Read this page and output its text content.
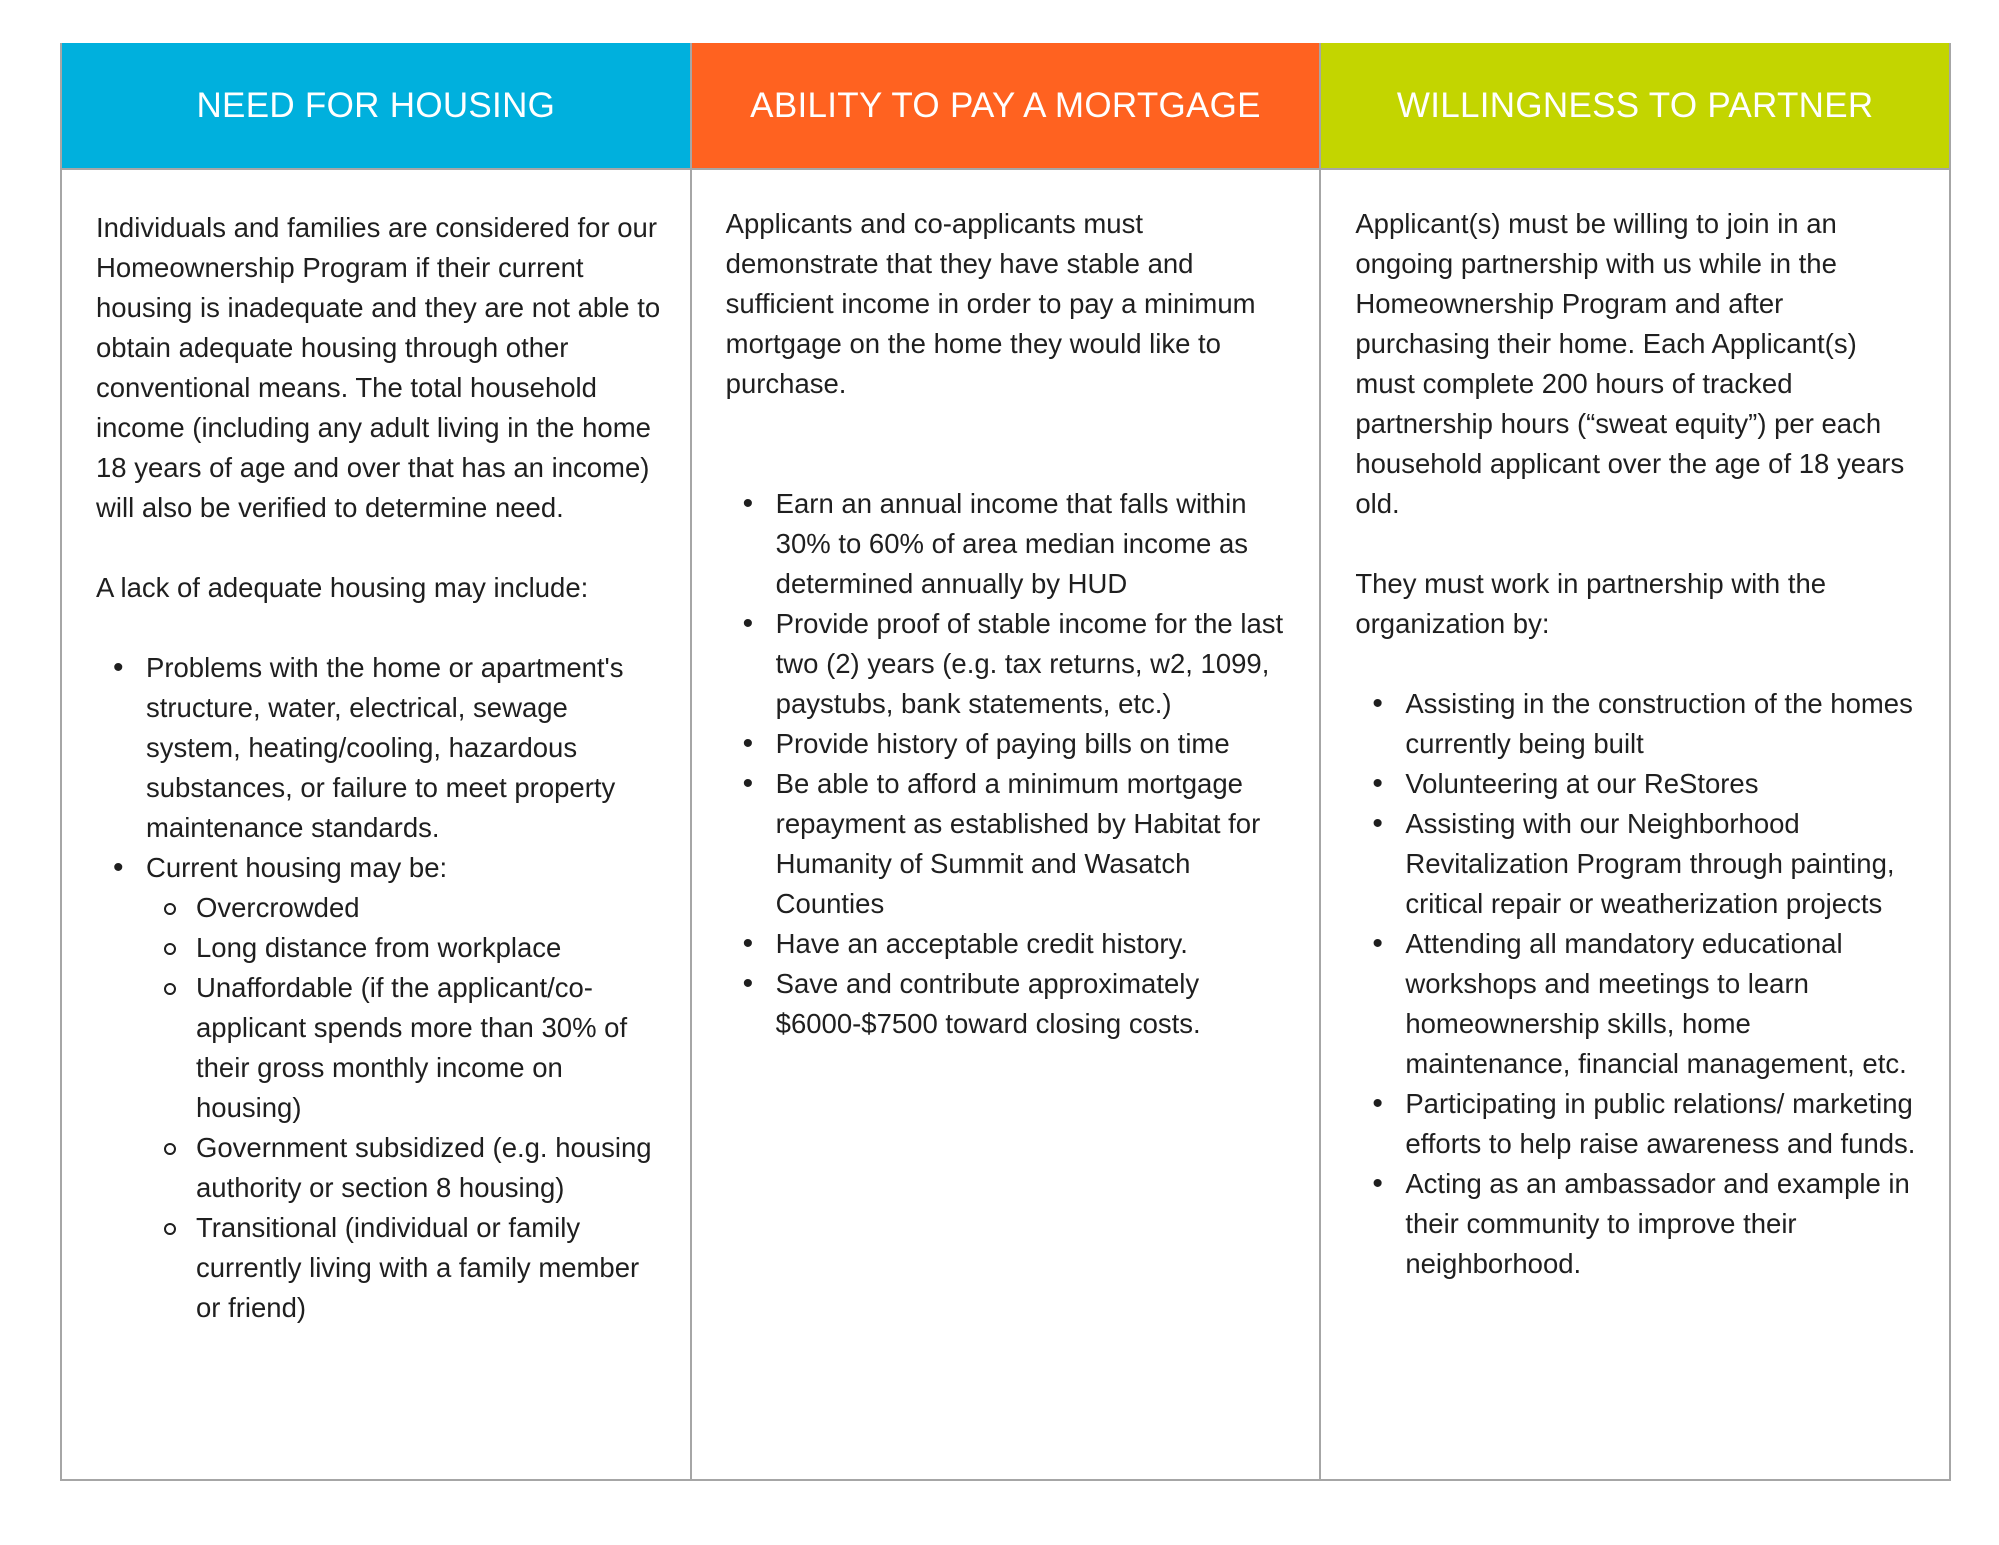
NEED FOR HOUSING

Individuals and families are considered for our Homeownership Program if their current housing is inadequate and they are not able to obtain adequate housing through other conventional means. The total household income (including any adult living in the home 18 years of age and over that has an income) will also be verified to determine need.

A lack of adequate housing may include:

• Problems with the home or apartment's structure, water, electrical, sewage system, heating/cooling, hazardous substances, or failure to meet property maintenance standards.
• Current housing may be:
Overcrowded
Long distance from workplace
Unaffordable (if the applicant/co-applicant spends more than 30% of their gross monthly income on housing)
Government subsidized (e.g. housing authority or section 8 housing)
Transitional (individual or family currently living with a family member or friend)
ABILITY TO PAY A MORTGAGE

Applicants and co-applicants must demonstrate that they have stable and sufficient income in order to pay a minimum mortgage on the home they would like to purchase.

• Earn an annual income that falls within 30% to 60% of area median income as determined annually by HUD
• Provide proof of stable income for the last two (2) years (e.g. tax returns, w2, 1099, paystubs, bank statements, etc.)
• Provide history of paying bills on time
• Be able to afford a minimum mortgage repayment as established by Habitat for Humanity of Summit and Wasatch Counties
• Have an acceptable credit history.
• Save and contribute approximately $6000-$7500 toward closing costs.
WILLINGNESS TO PARTNER

Applicant(s) must be willing to join in an ongoing partnership with us while in the Homeownership Program and after purchasing their home. Each Applicant(s) must complete 200 hours of tracked partnership hours (“sweat equity”) per each household applicant over the age of 18 years old.

They must work in partnership with the organization by:

• Assisting in the construction of the homes currently being built
• Volunteering at our ReStores
• Assisting with our Neighborhood Revitalization Program through painting, critical repair or weatherization projects
• Attending all mandatory educational workshops and meetings to learn homeownership skills, home maintenance, financial management, etc.
• Participating in public relations/ marketing efforts to help raise awareness and funds.
• Acting as an ambassador and example in their community to improve their neighborhood.
